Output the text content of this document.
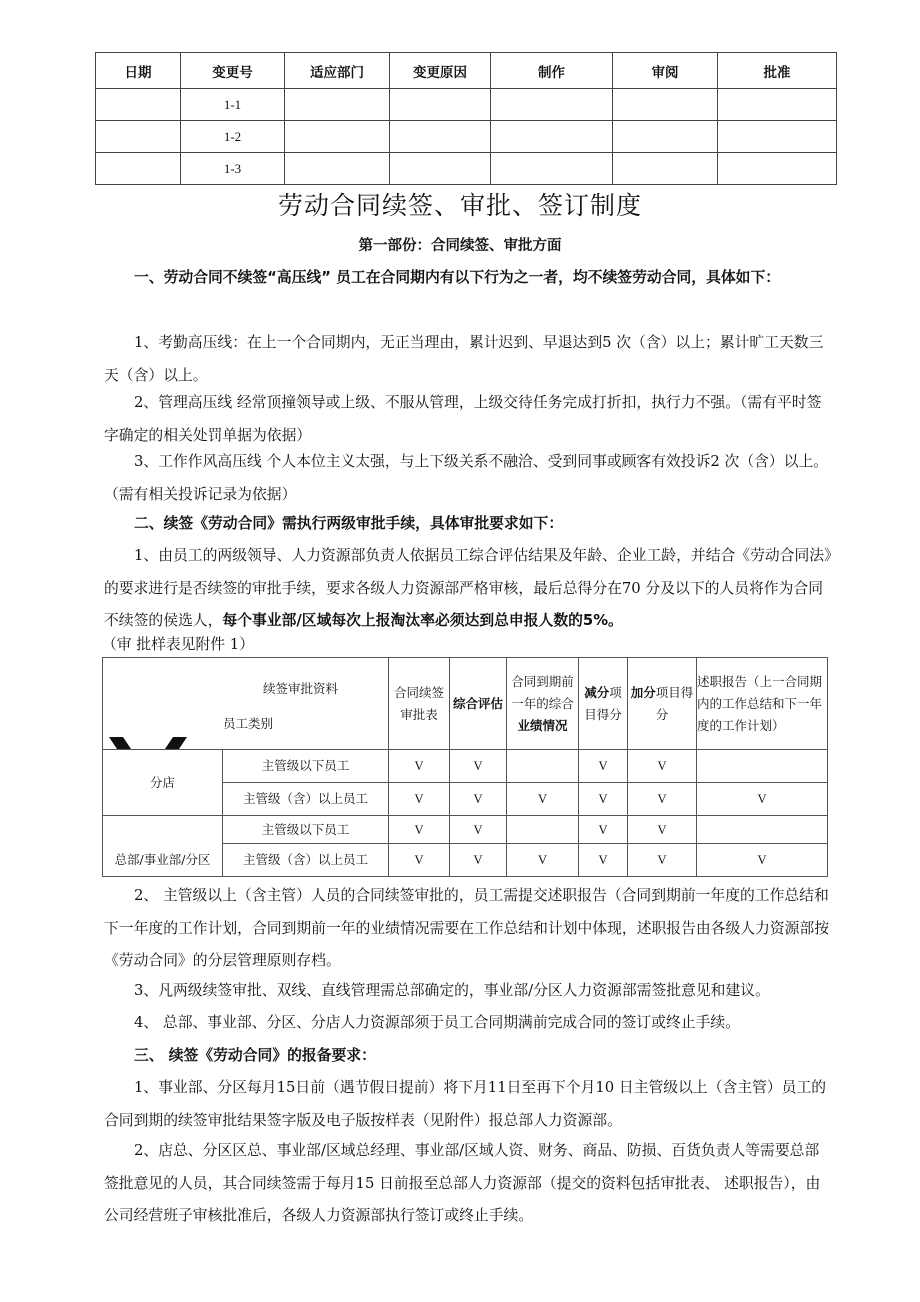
日期	变更号	适应部门	变更原因	制作	审阅	批准
	1-1					
	1-2					
	1-3					
劳动合同续签、审批、签订制度
第一部份：合同续签、审批方面
一、劳动合同不续签“高压线” 员工在合同期内有以下行为之一者，均不续签劳动合同，具体如下：
1、考勤高压线：在上一个合同期内，无正当理由，累计迟到、早退达到5 次（含）以上；累计旷工天数三天（含）以上。
2、管理高压线 经常顶撞领导或上级、不服从管理，上级交待任务完成打折扣，执行力不强。（需有平时签字确定的相关处罚单据为依据）
3、工作作风高压线 个人本位主义太强，与上下级关系不融洽、受到同事或顾客有效投诉2 次（含）以上。（需有相关投诉记录为依据）
二、续签《劳动合同》需执行两级审批手续，具体审批要求如下：
1、由员工的两级领导、人力资源部负责人依据员工综合评估结果及年龄、企业工龄，并结合《劳动合同法》的要求进行是否续签的审批手续，要求各级人力资源部严格审核，最后总得分在70 分及以下的人员将作为合同不续签的侯选人，每个事业部/区域每次上报淘汰率必须达到总申报人数的5%。
（审 批样表见附件 1）
续签审批资料
员工类别		合同续签审批表	综合评估	合同到期前一年的综合业绩情况	减分项目得分	加分项目得分	述职报告（上一合同期内的工作总结和下一年度的工作计划）
分店	主管级以下员工	V	V		V	V	
	主管级（含）以上员工	V	V	V	V	V	V
	主管级以下员工	V	V		V	V	
总部/事业部/分区	主管级（含）以上员工	V	V	V	V	V	V
2、 主管级以上（含主管）人员的合同续签审批的，员工需提交述职报告（合同到期前一年度的工作总结和下一年度的工作计划，合同到期前一年的业绩情况需要在工作总结和计划中体现，述职报告由各级人力资源部按《劳动合同》的分层管理原则存档。
3、凡两级续签审批、双线、直线管理需总部确定的，事业部/分区人力资源部需签批意见和建议。
4、 总部、事业部、分区、分店人力资源部须于员工合同期满前完成合同的签订或终止手续。
三、 续签《劳动合同》的报备要求：
1、事业部、分区每月15日前（遇节假日提前）将下月11日至再下个月10 日主管级以上（含主管）员工的合同到期的续签审批结果签字版及电子版按样表（见附件）报总部人力资源部。
2、店总、分区区总、事业部/区域总经理、事业部/区域人资、财务、商品、防损、百货负责人等需要总部签批意见的人员，其合同续签需于每月15 日前报至总部人力资源部（提交的资料包括审批表、 述职报告），由公司经营班子审核批准后，各级人力资源部执行签订或终止手续。
